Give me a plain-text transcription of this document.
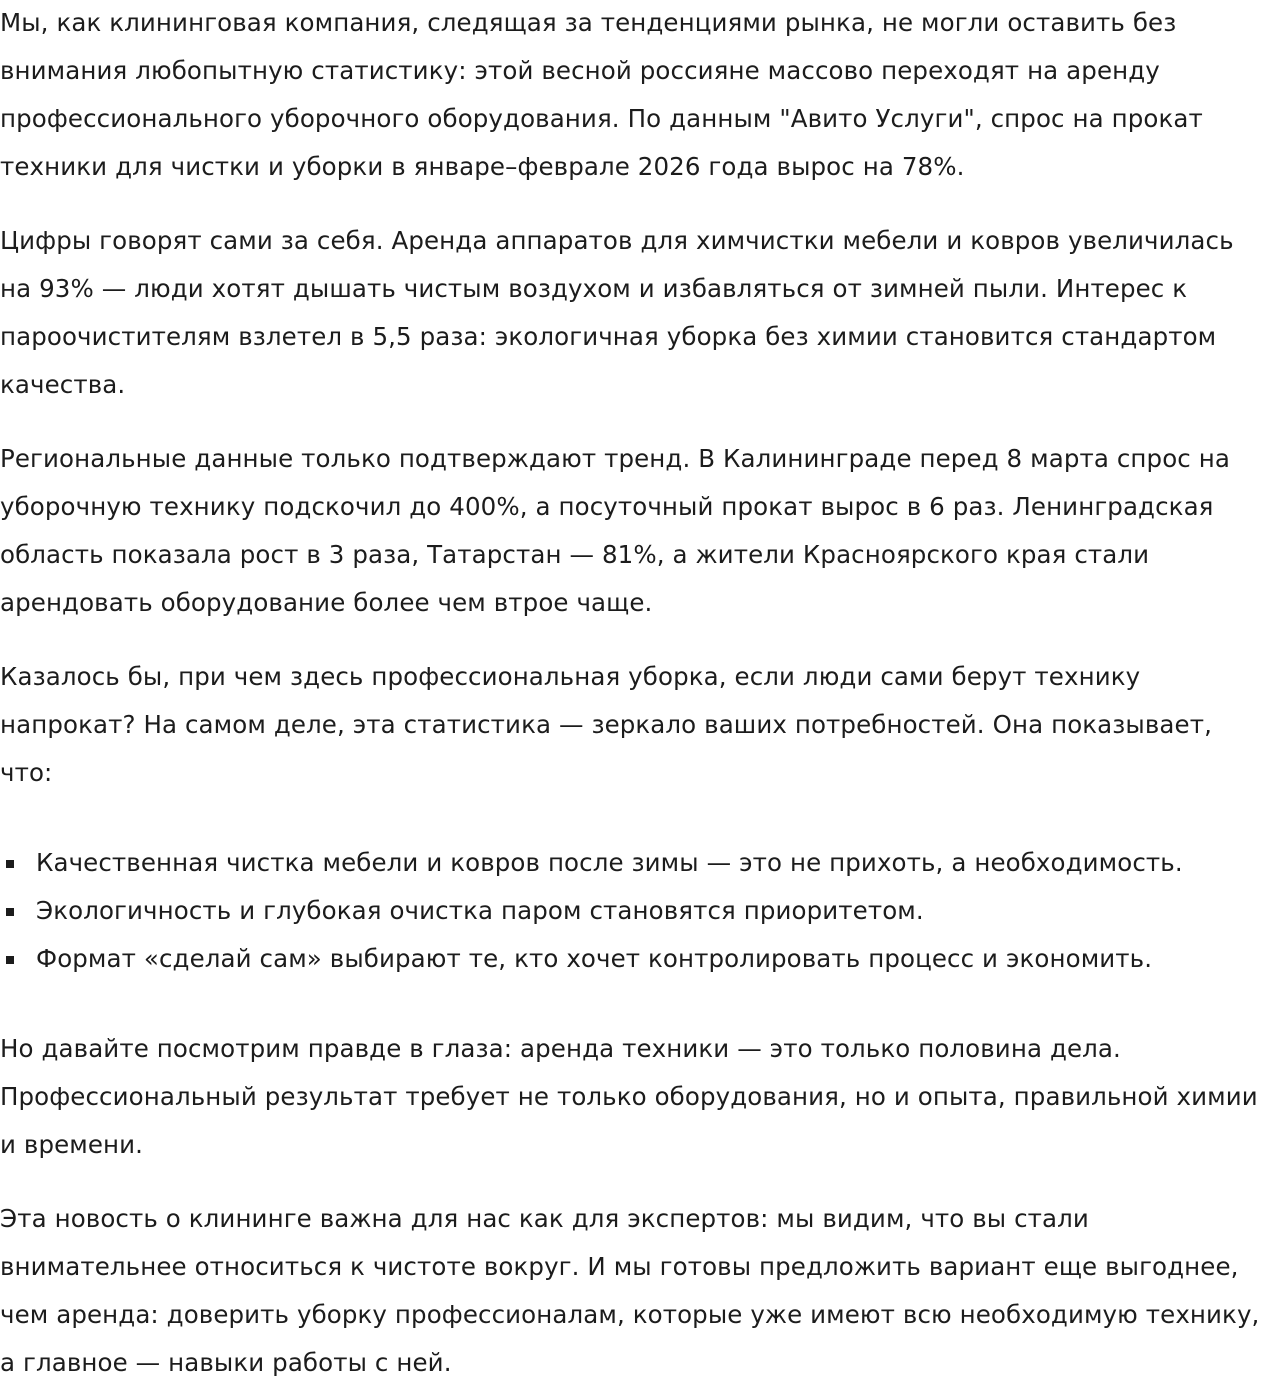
Мы, как клининговая компания, следящая за тенденциями рынка, не могли оставить без внимания любопытную статистику: этой весной россияне массово переходят на аренду профессионального уборочного оборудования. По данным "Авито Услуги", спрос на прокат техники для чистки и уборки в январе–феврале 2026 года вырос на 78%.

Цифры говорят сами за себя. Аренда аппаратов для химчистки мебели и ковров увеличилась на 93% — люди хотят дышать чистым воздухом и избавляться от зимней пыли. Интерес к пароочистителям взлетел в 5,5 раза: экологичная уборка без химии становится стандартом качества.

Региональные данные только подтверждают тренд. В Калининграде перед 8 марта спрос на уборочную технику подскочил до 400%, а посуточный прокат вырос в 6 раз. Ленинградская область показала рост в 3 раза, Татарстан — 81%, а жители Красноярского края стали арендовать оборудование более чем втрое чаще.

Казалось бы, при чем здесь профессиональная уборка, если люди сами берут технику напрокат? На самом деле, эта статистика — зеркало ваших потребностей. Она показывает, что:

Качественная чистка мебели и ковров после зимы — это не прихоть, а необходимость.
Экологичность и глубокая очистка паром становятся приоритетом.
Формат «сделай сам» выбирают те, кто хочет контролировать процесс и экономить.

Но давайте посмотрим правде в глаза: аренда техники — это только половина дела. Профессиональный результат требует не только оборудования, но и опыта, правильной химии и времени.

Эта новость о клининге важна для нас как для экспертов: мы видим, что вы стали внимательнее относиться к чистоте вокруг. И мы готовы предложить вариант еще выгоднее, чем аренда: доверить уборку профессионалам, которые уже имеют всю необходимую технику, а главное — навыки работы с ней.
